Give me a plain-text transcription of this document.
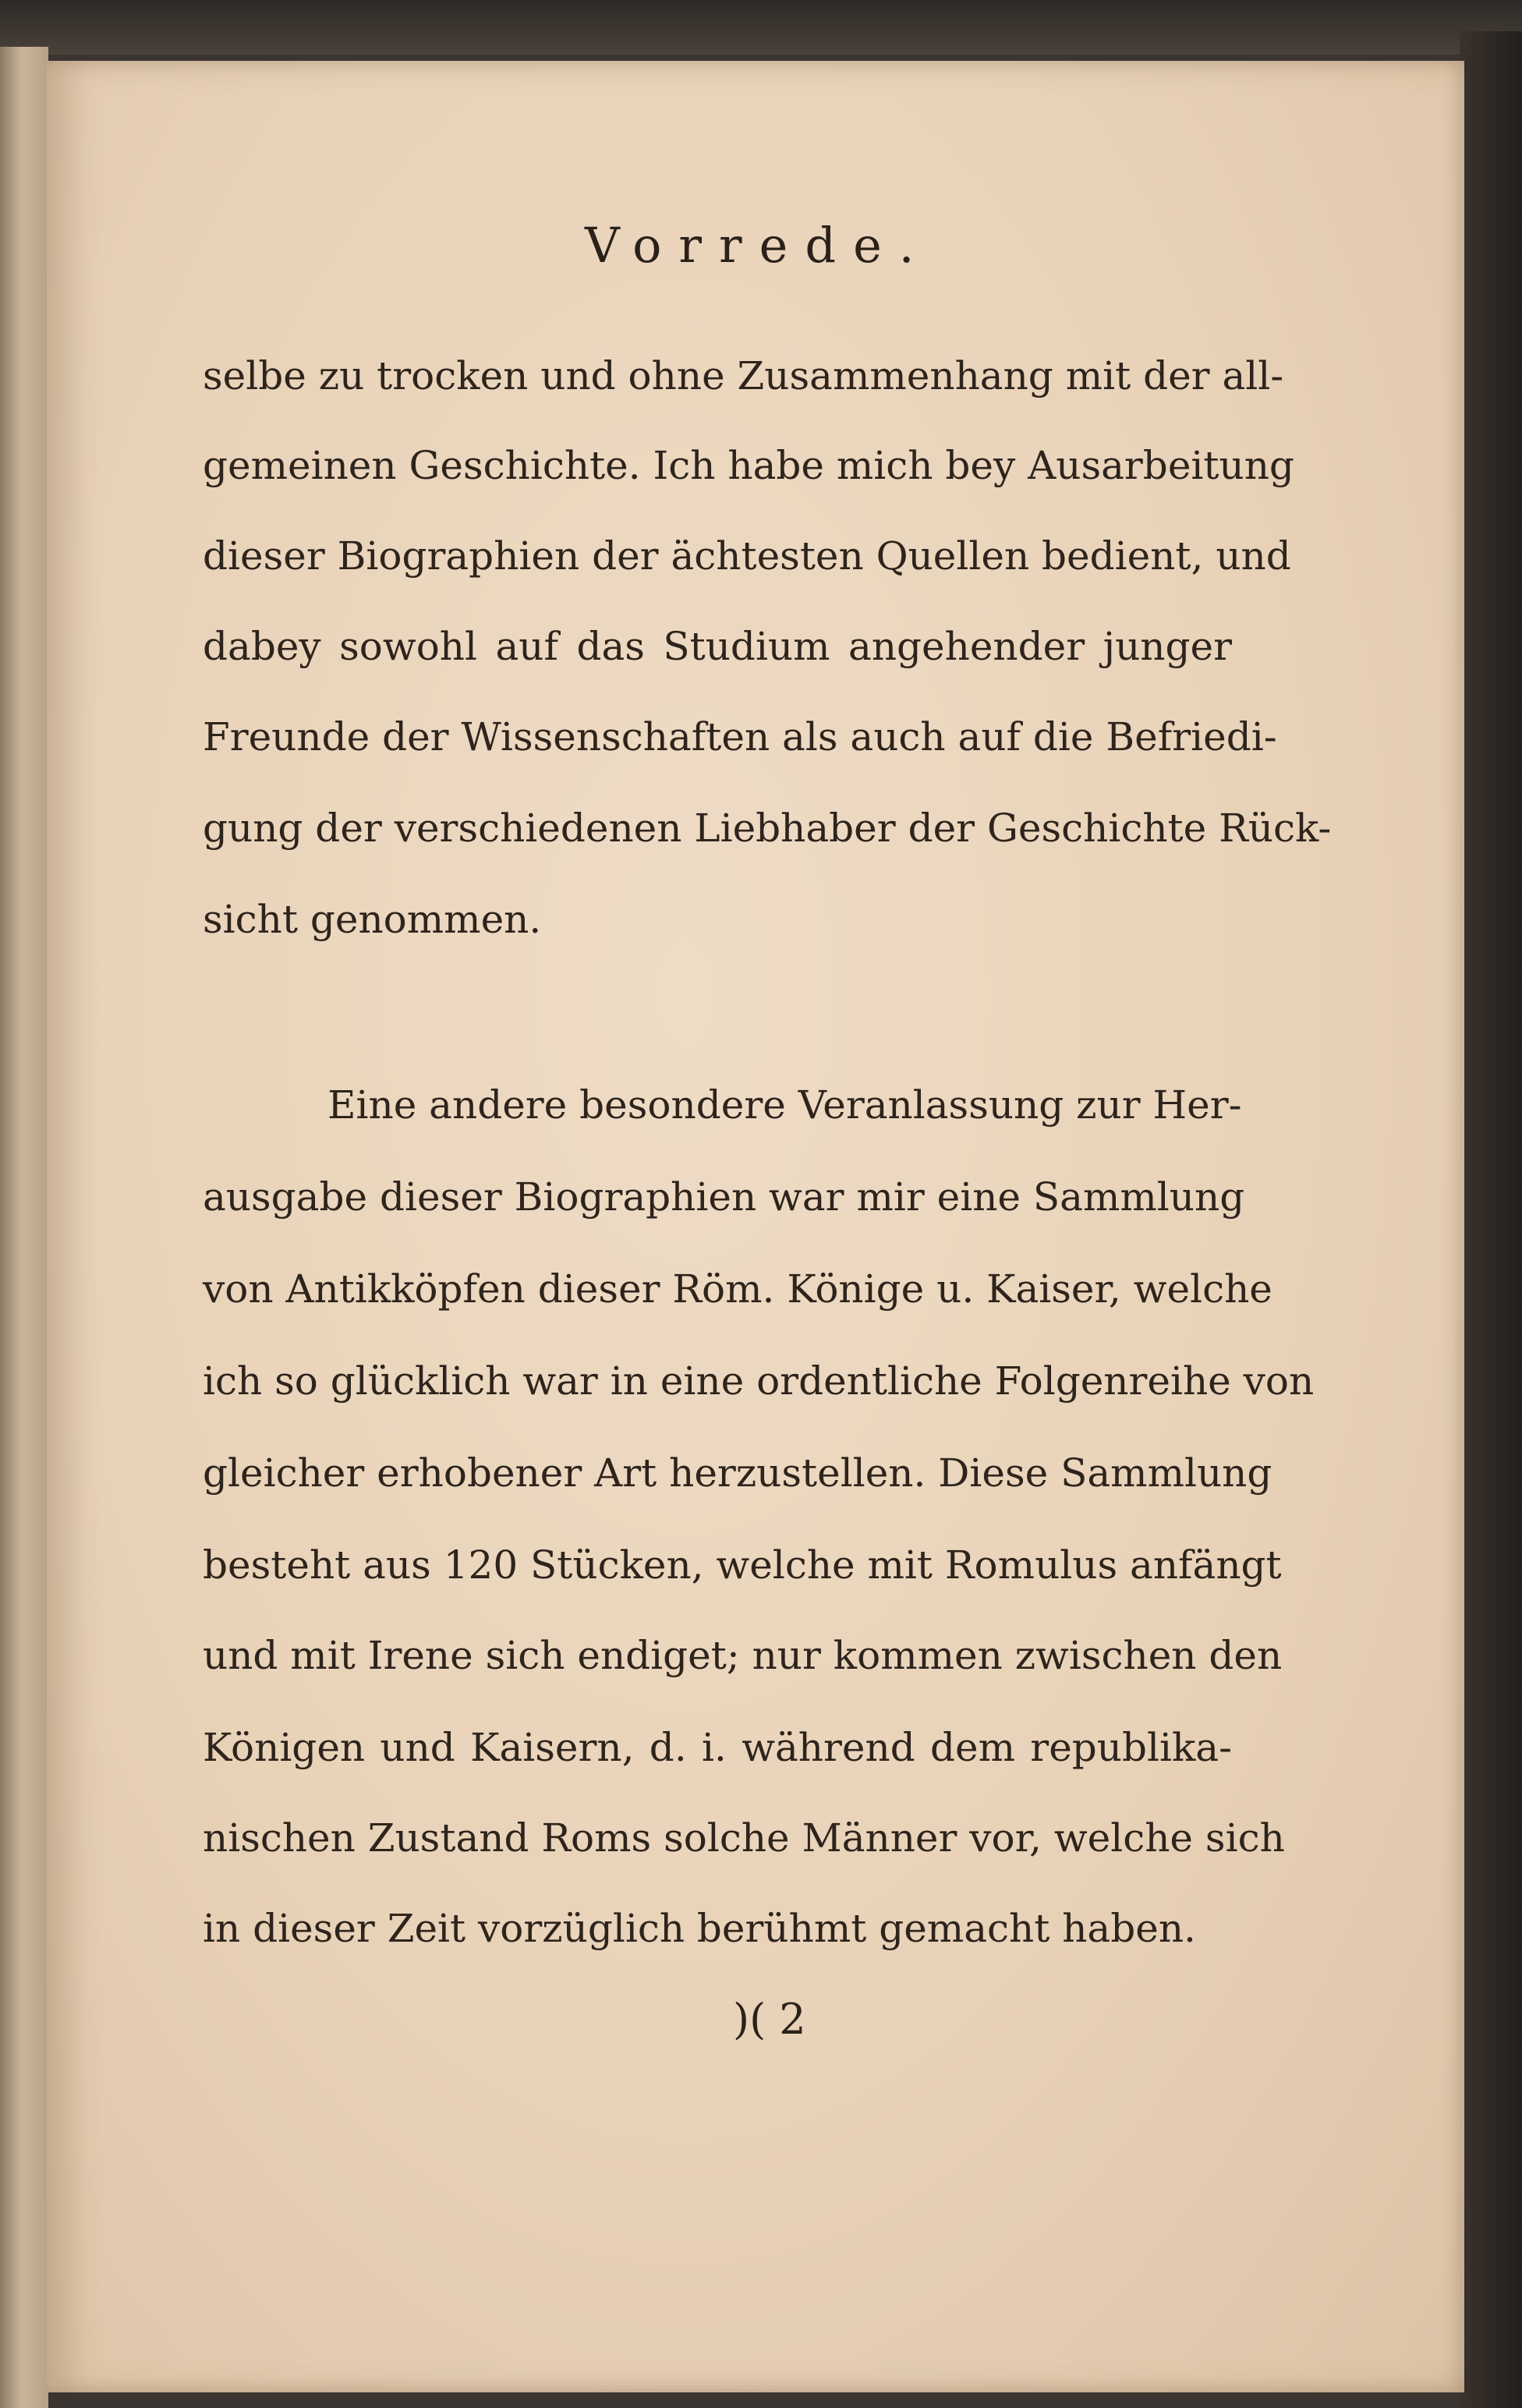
Vorrede.
selbe zu trocken und ohne Zusammenhang mit der all-
gemeinen Geschichte. Ich habe mich bey Ausarbeitung
dieser Biographien der ächtesten Quellen bedient, und
dabey sowohl auf das Studium angehender junger
Freunde der Wissenschaften als auch auf die Befriedi-
gung der verschiedenen Liebhaber der Geschichte Rück-
sicht genommen.
Eine andere besondere Veranlassung zur Her-
ausgabe dieser Biographien war mir eine Sammlung
von Antikköpfen dieser Röm. Könige u. Kaiser, welche
ich so glücklich war in eine ordentliche Folgenreihe von
gleicher erhobener Art herzustellen. Diese Sammlung
besteht aus 120 Stücken, welche mit Romulus anfängt
und mit Irene sich endiget; nur kommen zwischen den
Königen und Kaisern, d. i. während dem republika-
nischen Zustand Roms solche Männer vor, welche sich
in dieser Zeit vorzüglich berühmt gemacht haben.
)( 2
